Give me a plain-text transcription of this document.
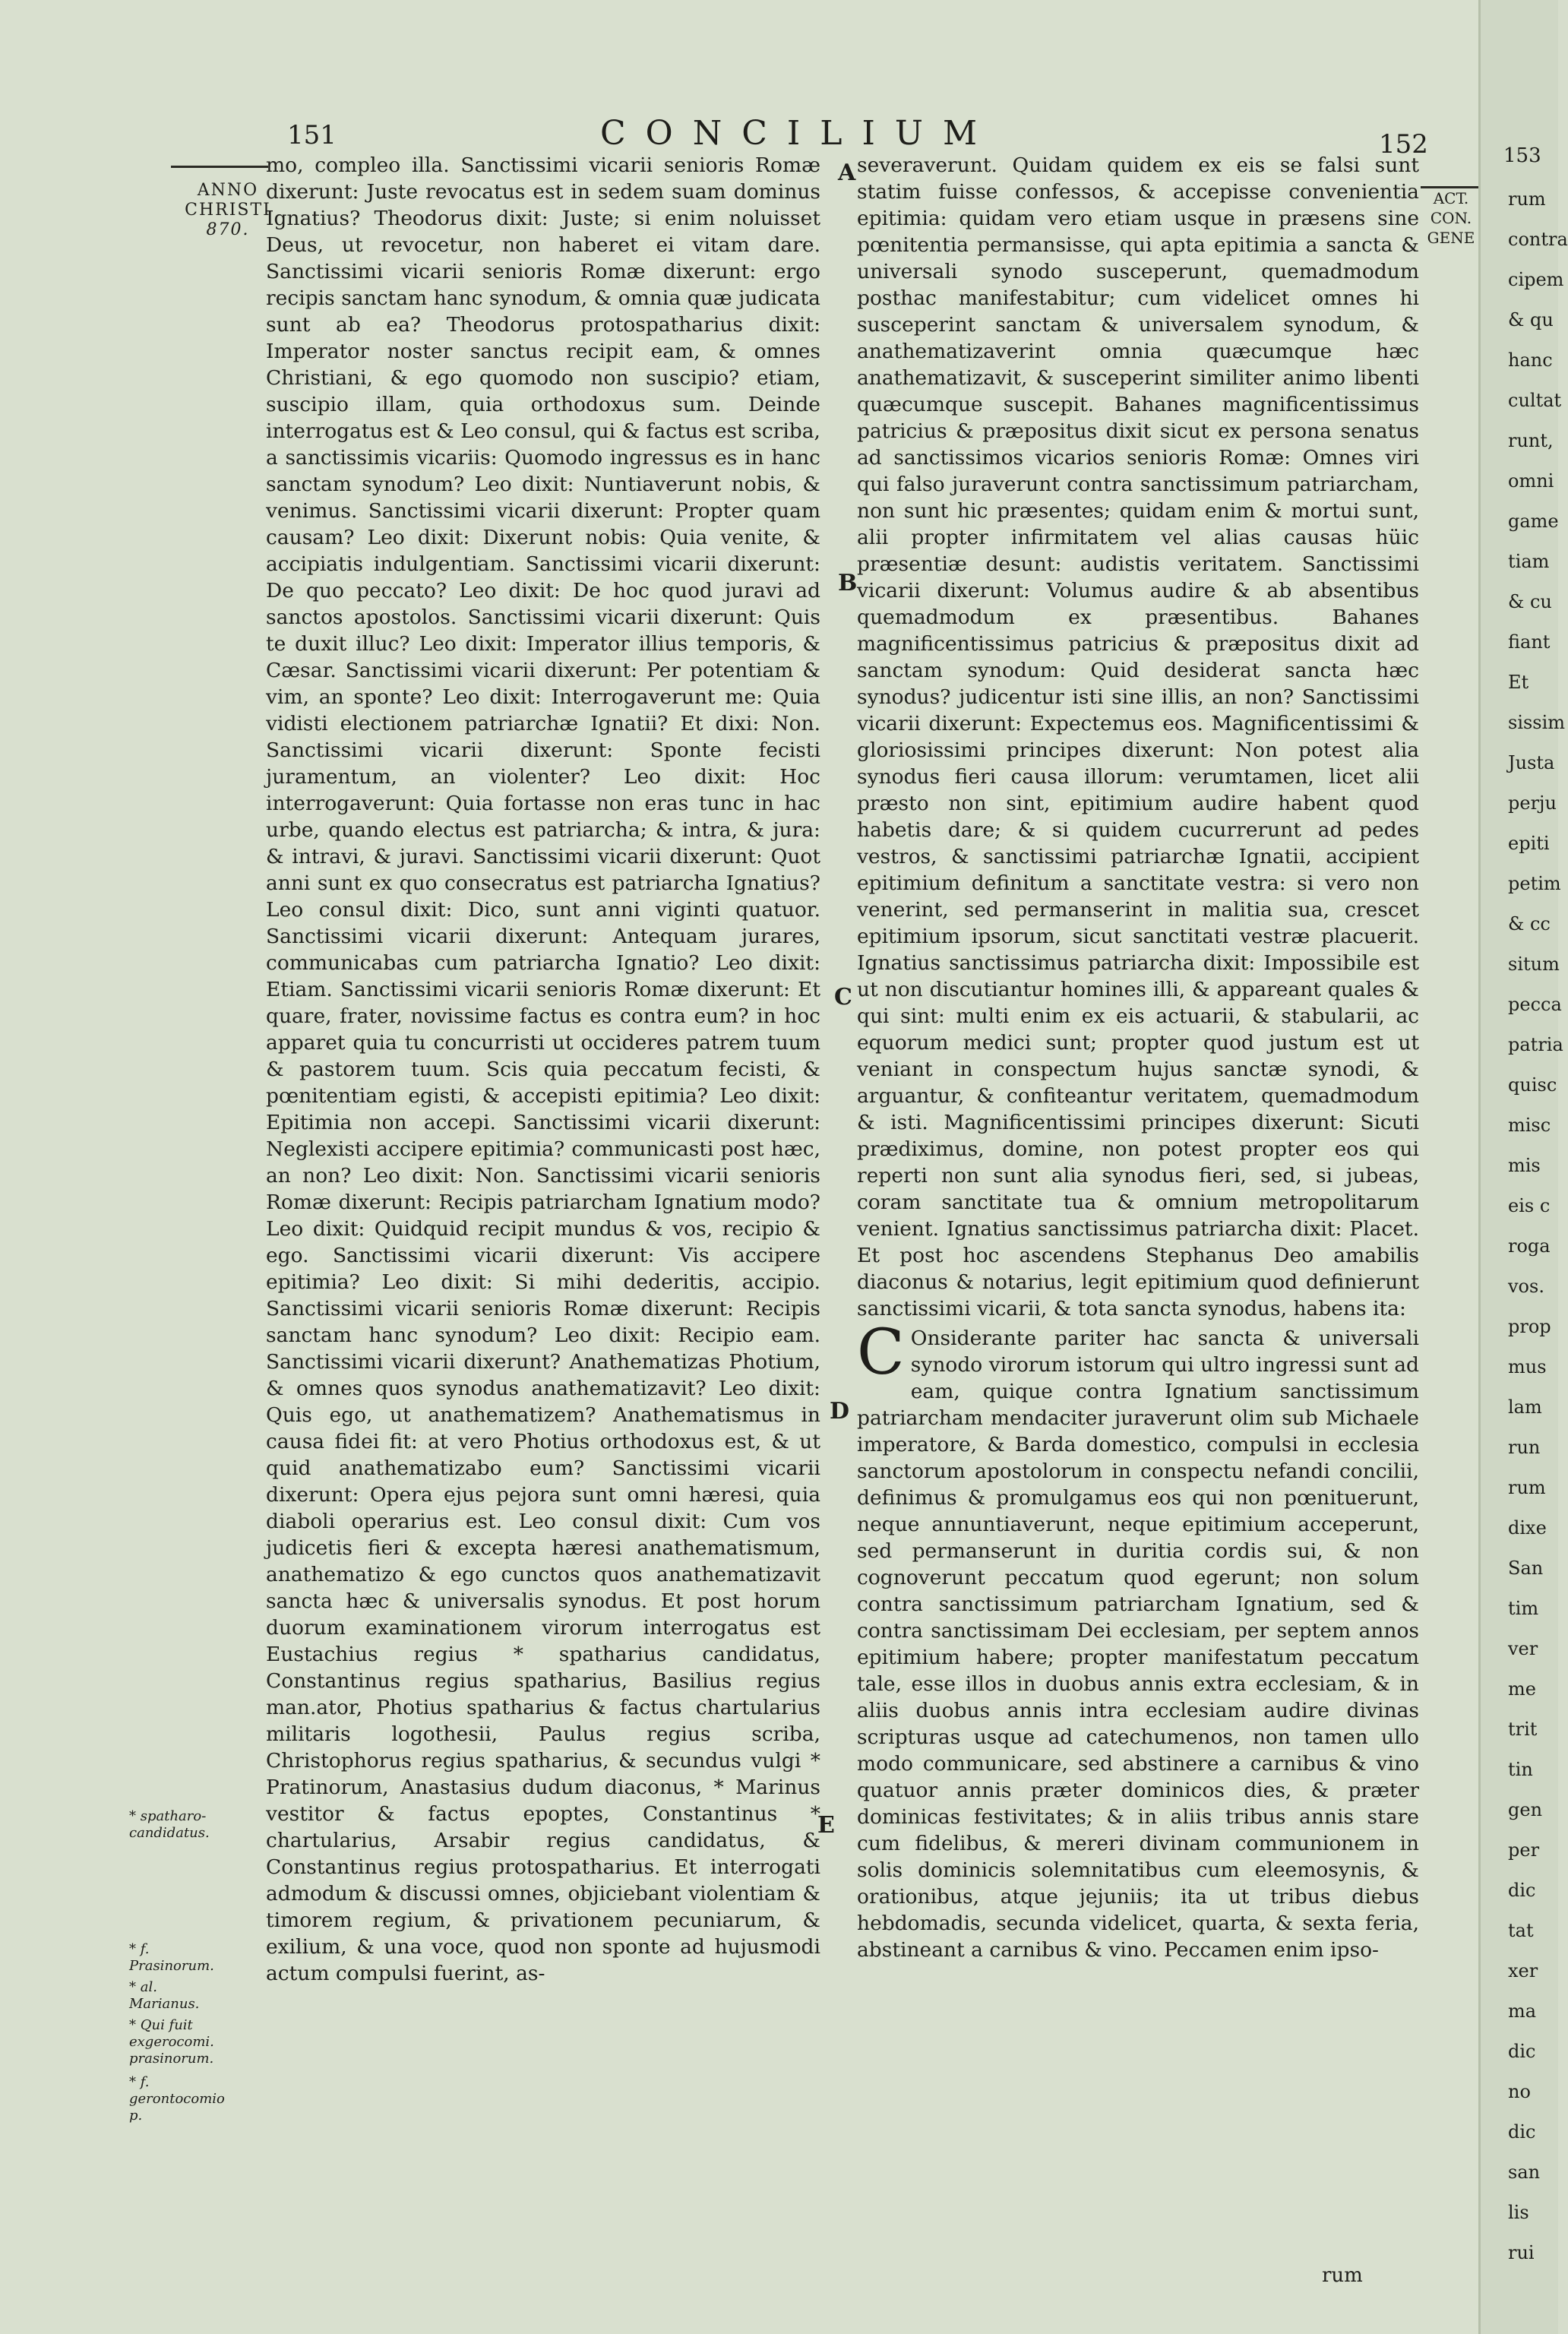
151	CONCILIUM	152
ANNO
CHRISTI
870.

mo, compleo illa. Sanctissimi vicarii senioris Romæ dixerunt: Juste revocatus est in sedem suam dominus Ignatius? Theodorus dixit: Juste; si enim noluisset Deus, ut revocetur, non haberet ei vitam dare. Sanctissimi vicarii senioris Romæ dixerunt: ergo recipis sanctam hanc synodum, & omnia quæ judicata sunt ab ea? Theodorus protospatharius dixit: Imperator noster sanctus recipit eam, & omnes Christiani, & ego quomodo non suscipio? etiam, suscipio illam, quia orthodoxus sum. Deinde interrogatus est & Leo consul, qui & factus est scriba, a sanctissimis vicariis: Quomodo ingressus es in hanc sanctam synodum? Leo dixit: Nuntiaverunt nobis, & venimus. Sanctissimi vicarii dixerunt: Propter quam causam? Leo dixit: Dixerunt nobis: Quia venite, & accipiatis indulgentiam. Sanctissimi vicarii dixerunt: De quo peccato? Leo dixit: De hoc quod juravi ad sanctos apostolos. Sanctissimi vicarii dixerunt: Quis te duxit illuc? Leo dixit: Imperator illius temporis, & Cæsar. Sanctissimi vicarii dixerunt: Per potentiam & vim, an sponte? Leo dixit: Interrogaverunt me: Quia vidisti electionem patriarchæ Ignatii? Et dixi: Non. Sanctissimi vicarii dixerunt: Sponte fecisti juramentum, an violenter? Leo dixit: Hoc interrogaverunt: Quia fortasse non eras tunc in hac urbe, quando electus est patriarcha; & intra, & jura: & intravi, & juravi. Sanctissimi vicarii dixerunt: Quot anni sunt ex quo consecratus est patriarcha Ignatius? Leo consul dixit: Dico, sunt anni viginti quatuor. Sanctissimi vicarii dixerunt: Antequam jurares, communicabas cum patriarcha Ignatio? Leo dixit: Etiam. Sanctissimi vicarii senioris Romæ dixerunt: Et quare, frater, novissime factus es contra eum? in hoc apparet quia tu concurristi ut occideres patrem tuum & pastorem tuum. Scis quia peccatum fecisti, & pœnitentiam egisti, & accepisti epitimia? Leo dixit: Epitimia non accepi. Sanctissimi vicarii dixerunt: Neglexisti accipere epitimia? communicasti post hæc, an non? Leo dixit: Non. Sanctissimi vicarii senioris Romæ dixerunt: Recipis patriarcham Ignatium modo? Leo dixit: Quidquid recipit mundus & vos, recipio & ego. Sanctissimi vicarii dixerunt: Vis accipere epitimia? Leo dixit: Si mihi dederitis, accipio. Sanctissimi vicarii senioris Romæ dixerunt: Recipis sanctam hanc synodum? Leo dixit: Recipio eam. Sanctissimi vicarii dixerunt? Anathematizas Photium, & omnes quos synodus anathematizavit? Leo dixit: Quis ego, ut anathematizem? Anathematismus in causa fidei fit: at vero Photius orthodoxus est, & ut quid anathematizabo eum? Sanctissimi vicarii dixerunt: Opera ejus pejora sunt omni hæresi, quia diaboli operarius est. Leo consul dixit: Cum vos judicetis fieri & excepta hæresi anathematismum, anathematizo & ego cunctos quos anathematizavit sancta hæc & universalis synodus. Et post horum duorum examinationem virorum interrogatus est Eustachius regius * spatharius candidatus, Constantinus regius spatharius, Basilius regius man.ator, Photius spatharius & factus chartularius militaris logothesii, Paulus regius scriba, Christophorus regius spatharius, & secundus vulgi * Pratinorum, Anastasius dudum diaconus, * Marinus vestitor & factus epoptes, Constantinus * chartularius, Arsabir regius candidatus, & Constantinus regius protospatharius. Et interrogati admodum & discussi omnes, objiciebant violentiam & timorem regium, & privationem pecuniarum, & exilium, & una voce, quod non sponte ad hujusmodi actum compulsi fuerint, as-

severaverunt. Quidam quidem ex eis se falsi sunt statim fuisse confessos, & accepisse convenientia epitimia: quidam vero etiam usque in præsens sine pœnitentia permansisse, qui apta epitimia a sancta & universali synodo susceperunt, quemadmodum posthac manifestabitur; cum videlicet omnes hi susceperint sanctam & universalem synodum, & anathematizaverint omnia quæcumque hæc anathematizavit, & susceperint similiter animo libenti quæcumque suscepit. Bahanes magnificentissimus patricius & præpositus dixit sicut ex persona senatus ad sanctissimos vicarios senioris Romæ: Omnes viri qui falso juraverunt contra sanctissimum patriarcham, non sunt hic præsentes; quidam enim & mortui sunt, alii propter infirmitatem vel alias causas hüic præsentiæ desunt: audistis veritatem. Sanctissimi vicarii dixerunt: Volumus audire & ab absentibus quemadmodum ex præsentibus. Bahanes magnificentissimus patricius & præpositus dixit ad sanctam synodum: Quid desiderat sancta hæc synodus? judicentur isti sine illis, an non? Sanctissimi vicarii dixerunt: Expectemus eos. Magnificentissimi & gloriosissimi principes dixerunt: Non potest alia synodus fieri causa illorum: verumtamen, licet alii præsto non sint, epitimium audire habent quod habetis dare; & si quidem cucurrerunt ad pedes vestros, & sanctissimi patriarchæ Ignatii, accipient epitimium definitum a sanctitate vestra: si vero non venerint, sed permanserint in malitia sua, crescet epitimium ipsorum, sicut sanctitati vestræ placuerit. Ignatius sanctissimus patriarcha dixit: Impossibile est ut non discutiantur homines illi, & appareant quales & qui sint: multi enim ex eis actuarii, & stabularii, ac equorum medici sunt; propter quod justum est ut veniant in conspectum hujus sanctæ synodi, & arguantur, & confiteantur veritatem, quemadmodum & isti. Magnificentissimi principes dixerunt: Sicuti prædiximus, domine, non potest propter eos qui reperti non sunt alia synodus fieri, sed, si jubeas, coram sanctitate tua & omnium metropolitarum venient. Ignatius sanctissimus patriarcha dixit: Placet. Et post hoc ascendens Stephanus Deo amabilis diaconus & notarius, legit epitimium quod definierunt sanctissimi vicarii, & tota sancta synodus, habens ita:

C Onsiderante pariter hac sancta & universali synodo virorum istorum qui ultro ingressi sunt ad eam, quique contra Ignatium sanctissimum patriarcham mendaciter juraverunt olim sub Michaele imperatore, & Barda domestico, compulsi in ecclesia sanctorum apostolorum in conspectu nefandi concilii, definimus & promulgamus eos qui non pœnituerunt, neque annuntiaverunt, neque epitimium acceperunt, sed permanserunt in duritia cordis sui, & non cognoverunt peccatum quod egerunt; non solum contra sanctissimum patriarcham Ignatium, sed & contra sanctissimam Dei ecclesiam, per septem annos epitimium habere; propter manifestatum peccatum tale, esse illos in duobus annis extra ecclesiam, & in aliis duobus annis intra ecclesiam audire divinas scripturas usque ad catechumenos, non tamen ullo modo communicare, sed abstinere a carnibus & vino quatuor annis præter dominicos dies, & præter dominicas festivitates; & in aliis tribus annis stare cum fidelibus, & mereri divinam communionem in solis dominicis solemnitatibus cum eleemosynis, & orationibus, atque jejuniis; ita ut tribus diebus hebdomadis, secunda videlicet, quarta, & sexta feria, abstineant a carnibus & vino. Peccamen enim ipso-

A
B
C
D
E
* spatharo-candidatus.
* f. Prasinorum.
* al. Marianus.
* Qui fuit exgerocomi. prasinorum.
* f. gerontocomio p.
ACT.
CON.
GENE
rum
153
rum
contra
cipem
& qu
hanc
cultat
runt,
omni
game
tiam
& cu
fiant
Et
sissim
Justa
perju
epiti
petim
& cc
situm
pecca
patria
quisc
misc
mis
eis c
roga
vos.
prop
mus
lam
run
rum
dixe
San
tim
ver
me
trit
tin
gen
per
dic
tat
xer
ma
dic
no
dic
san
lis
rui
